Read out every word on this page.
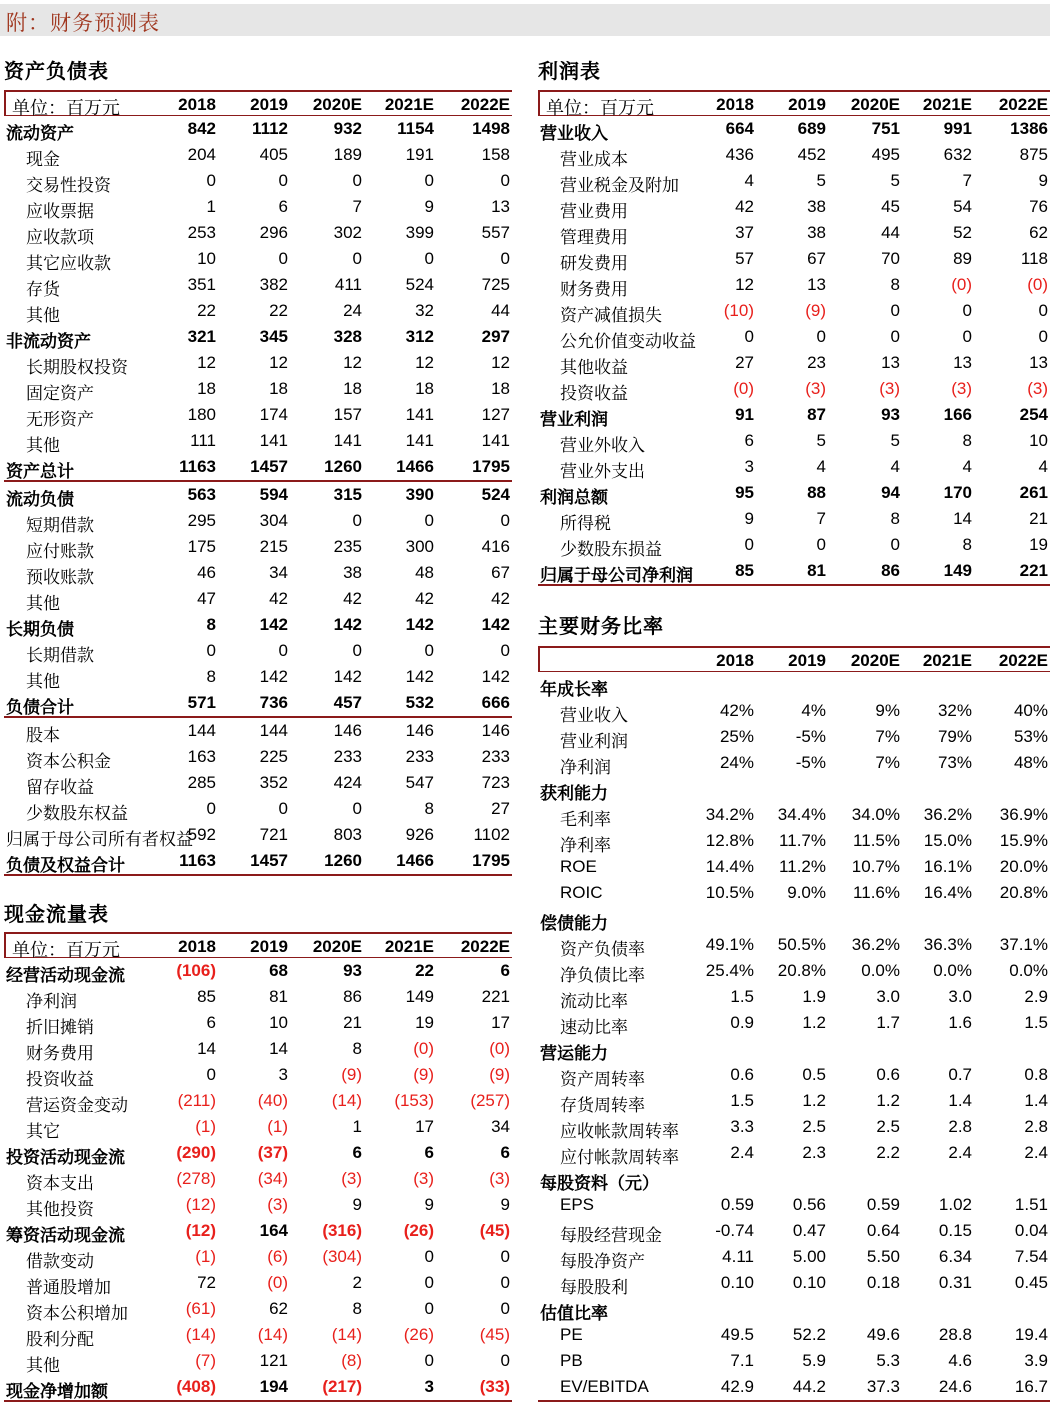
附：财务预测表
资产负债表
单位：百万元	2018 2019 2020E 2021E 2022E
流动资产	842 1112	932 1154 1498
现金	204	405	189	191	158
交易性投资	0	0	0	0	0
应收票据	1	6	7	9	13
应收款项	253	296	302	399	557
其它应收款	10	0	0	0	0
存货	351	382	411	524	725
其他	22	22	24	32	44
非流动资产	321	345	328	312	297
长期股权投资	12	12	12	12	12
固定资产	18	18	18	18	18
无形资产	180	174	157	141	127
其他	111	141	141	141	141
资产总计	1163 1457 1260 1466 1795
流动负债	563	594	315	390	524
短期借款	295	304	0	0	0
应付账款	175	215	235	300	416
预收账款	46	34	38	48	67
其他	47	42	42	42	42
长期负债	8	142	142	142	142
长期借款	0	0	0	0	0
其他	8	142	142	142	142
负债合计	571	736	457	532	666
股本	144	144	146	146	146
资本公积金	163	225	233	233	233
留存收益	285	352	424	547	723
少数股东权益	0	0	0	8	27
归属于母公司所有者权益
592	721	803	926 1102
负债及权益合计	1163 1457 1260 1466 1795
现金流量表
单位：百万元	2018 2019 2020E 2021E 2022E
经营活动现金流	(106)	68	93	22	6
净利润	85	81	86	149	221
折旧摊销	6	10	21	19	17
财务费用	14	14	8	(0)	(0)
投资收益	0	3	(9)	(9)	(9)
营运资金变动	(211) (40)	(14) (153) (257)
其它	(1)	(1)	1	17	34
投资活动现金流	(290) (37)	6	6	6
资本支出	(278) (34)	(3)	(3)	(3)
其他投资	(12)	(3)	9	9	9
筹资活动现金流	(12)	164 (316) (26)	(45)
借款变动	(1)	(6) (304)	0	0
普通股增加	72	(0)	2	0	0
资本公积增加	(61)	62	8	0	0
股利分配	(14) (14)	(14) (26)	(45)
其他	(7)	121	(8)	0	0
现金净增加额	(408)	194 (217)	3	(33)
利润表
单位：百万元	2018 2019 2020E 2021E 2022E
营业收入	664	689	751	991 1386
营业成本	436	452	495	632	875
营业税金及附加	4	5	5	7	9
营业费用	42	38	45	54	76
管理费用	37	38	44	52	62
研发费用	57	67	70	89	118
财务费用	12	13	8	(0)	(0)
资产减值损失	(10)	(9)	0	0	0
公允价值变动收益	0	0	0	0	0
其他收益	27	23	13	13	13
投资收益	(0)	(3)	(3)	(3)	(3)
营业利润	91	87	93	166	254
营业外收入	6	5	5	8	10
营业外支出	3	4	4	4	4
利润总额	95	88	94	170	261
所得税	9	7	8	14	21
少数股东损益	0	0	0	8	19
归属于母公司净利润 85	81	86	149	221
主要财务比率
2018 2019 2020E 2021E 2022E
年成长率
营业收入	42%	4%	9% 32% 40%
营业利润	25% -5%	7% 79% 53%
净利润	24% -5%	7% 73% 48%
获利能力
毛利率	34.2% 34.4% 34.0% 36.2% 36.9%
净利率	12.8% 11.7% 11.5% 15.0% 15.9%
ROE	14.4% 11.2% 10.7% 16.1% 20.0%
ROIC	10.5% 9.0% 11.6% 16.4% 20.8%
偿债能力
资产负债率	49.1% 50.5% 36.2% 36.3% 37.1%
净负债比率	25.4% 20.8% 0.0% 0.0% 0.0%
流动比率	1.5	1.9	3.0	3.0	2.9
速动比率	0.9	1.2	1.7	1.6	1.5
营运能力
资产周转率	0.6	0.5	0.6	0.7	0.8
存货周转率	1.5	1.2	1.2	1.4	1.4
应收帐款周转率	3.3	2.5	2.5	2.8	2.8
应付帐款周转率	2.4	2.3	2.2	2.4	2.4
每股资料（元）
EPS	0.59 0.56 0.59 1.02	1.51
每股经营现金	-0.74 0.47 0.64 0.15	0.04
每股净资产	4.11 5.00 5.50 6.34	7.54
每股股利	0.10 0.10 0.18 0.31	0.45
估值比率
PE	49.5 52.2 49.6 28.8	19.4
PB	7.1	5.9	5.3	4.6	3.9
EV/EBITDA	42.9 44.2 37.3 24.6	16.7
